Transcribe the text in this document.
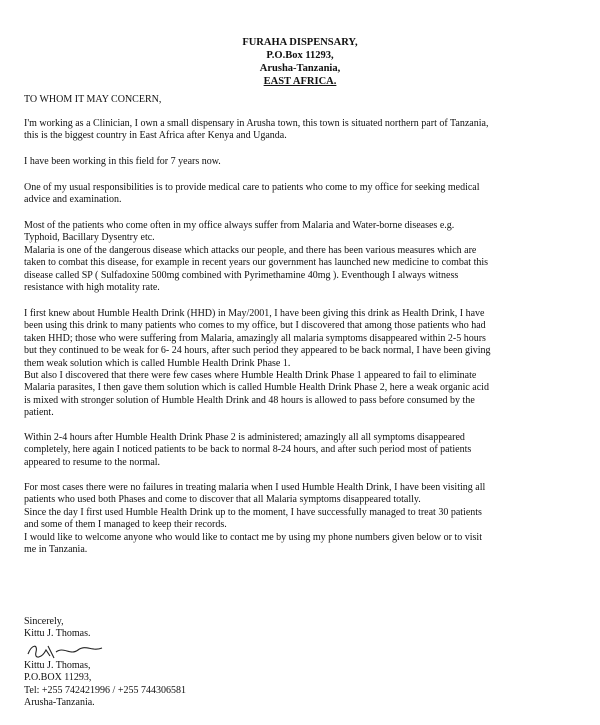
FURAHA DISPENSARY,
P.O.Box 11293,
Arusha-Tanzania,
EAST AFRICA.
TO WHOM IT MAY CONCERN,
I'm working as a Clinician, I own a small dispensary in Arusha town, this town is situated northern part of Tanzania,
this is the biggest country in East Africa after Kenya and Uganda.
I have been working in this field for 7 years now.
One of my usual responsibilities is to provide medical care to patients who come to my office for seeking medical
advice and examination.
Most of the patients who come often in my office always suffer from Malaria and Water-borne diseases e.g.
Typhoid, Bacillary Dysentry etc.
Malaria is one of the dangerous disease which attacks our people, and there has been various measures which are
taken to combat this disease, for example in recent years our government has launched new medicine to combat this
disease called SP ( Sulfadoxine 500mg combined with Pyrimethamine 40mg ). Eventhough I always witness
resistance with high motality rate.
I first knew about Humble Health Drink (HHD) in May/2001, I have been giving this drink as Health Drink, I have
been using this drink to many patients who comes to my office, but I discovered that among those patients who had
taken HHD; those who were suffering from Malaria, amazingly all malaria symptoms disappeared within 2-5 hours
but they continued to be weak for 6- 24 hours, after such period they appeared to be back normal, I have been giving
them weak solution which is called Humble Health Drink Phase 1.
But also I discovered that there were few cases where Humble Health Drink Phase 1 appeared to fail to eliminate
Malaria parasites, I then gave them solution which is called Humble Health Drink Phase 2, here a weak organic acid
is mixed with stronger solution of Humble Health Drink and 48 hours is allowed to pass before consumed by the
patient.
Within 2-4 hours after Humble Health Drink Phase 2 is administered; amazingly all all symptoms disappeared
completely, here again I noticed patients to be back to normal 8-24 hours, and after such period most of patients
appeared to resume to the normal.
For most cases there were no failures in treating malaria when I used Humble Health Drink, I have been visiting all
patients who used both Phases and come to discover that all Malaria symptoms disappeared totally.
Since the day I first used Humble Health Drink up to the moment, I have successfully managed to treat 30 patients
and some of them I managed to keep their records.
I would like to welcome anyone who would like to contact me by using my phone numbers given below or to visit
me in Tanzania.
Sincerely,
Kittu J. Thomas.
Kittu J. Thomas,
P.O.BOX 11293,
Tel: +255 742421996 / +255 744306581
Arusha-Tanzania.
